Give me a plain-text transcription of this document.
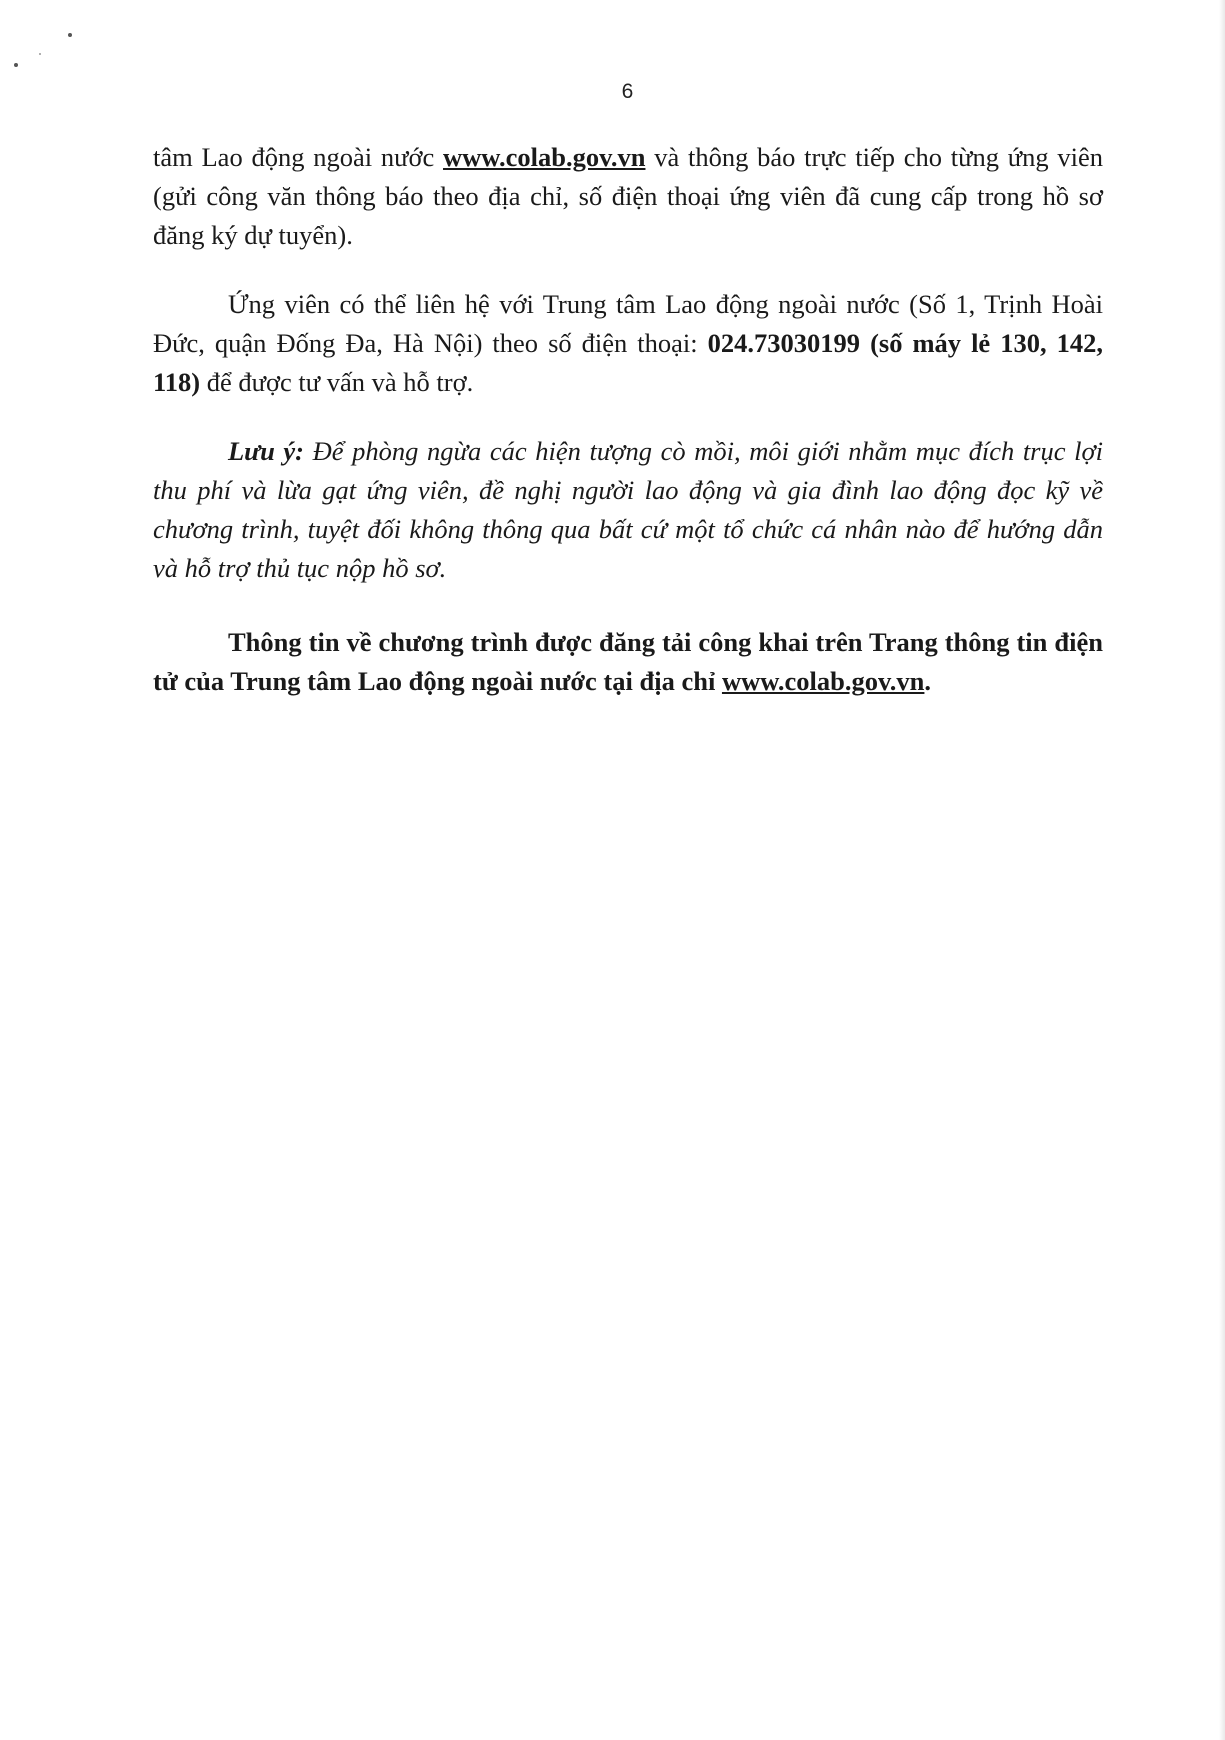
6

tâm Lao động ngoài nước www.colab.gov.vn và thông báo trực tiếp cho từng ứng viên (gửi công văn thông báo theo địa chỉ, số điện thoại ứng viên đã cung cấp trong hồ sơ đăng ký dự tuyển).

Ứng viên có thể liên hệ với Trung tâm Lao động ngoài nước (Số 1, Trịnh Hoài Đức, quận Đống Đa, Hà Nội) theo số điện thoại: 024.73030199 (số máy lẻ 130, 142, 118) để được tư vấn và hỗ trợ.

Lưu ý: Để phòng ngừa các hiện tượng cò mồi, môi giới nhằm mục đích trục lợi thu phí và lừa gạt ứng viên, đề nghị người lao động và gia đình lao động đọc kỹ về chương trình, tuyệt đối không thông qua bất cứ một tổ chức cá nhân nào để hướng dẫn và hỗ trợ thủ tục nộp hồ sơ.

Thông tin về chương trình được đăng tải công khai trên Trang thông tin điện tử của Trung tâm Lao động ngoài nước tại địa chỉ www.colab.gov.vn.
